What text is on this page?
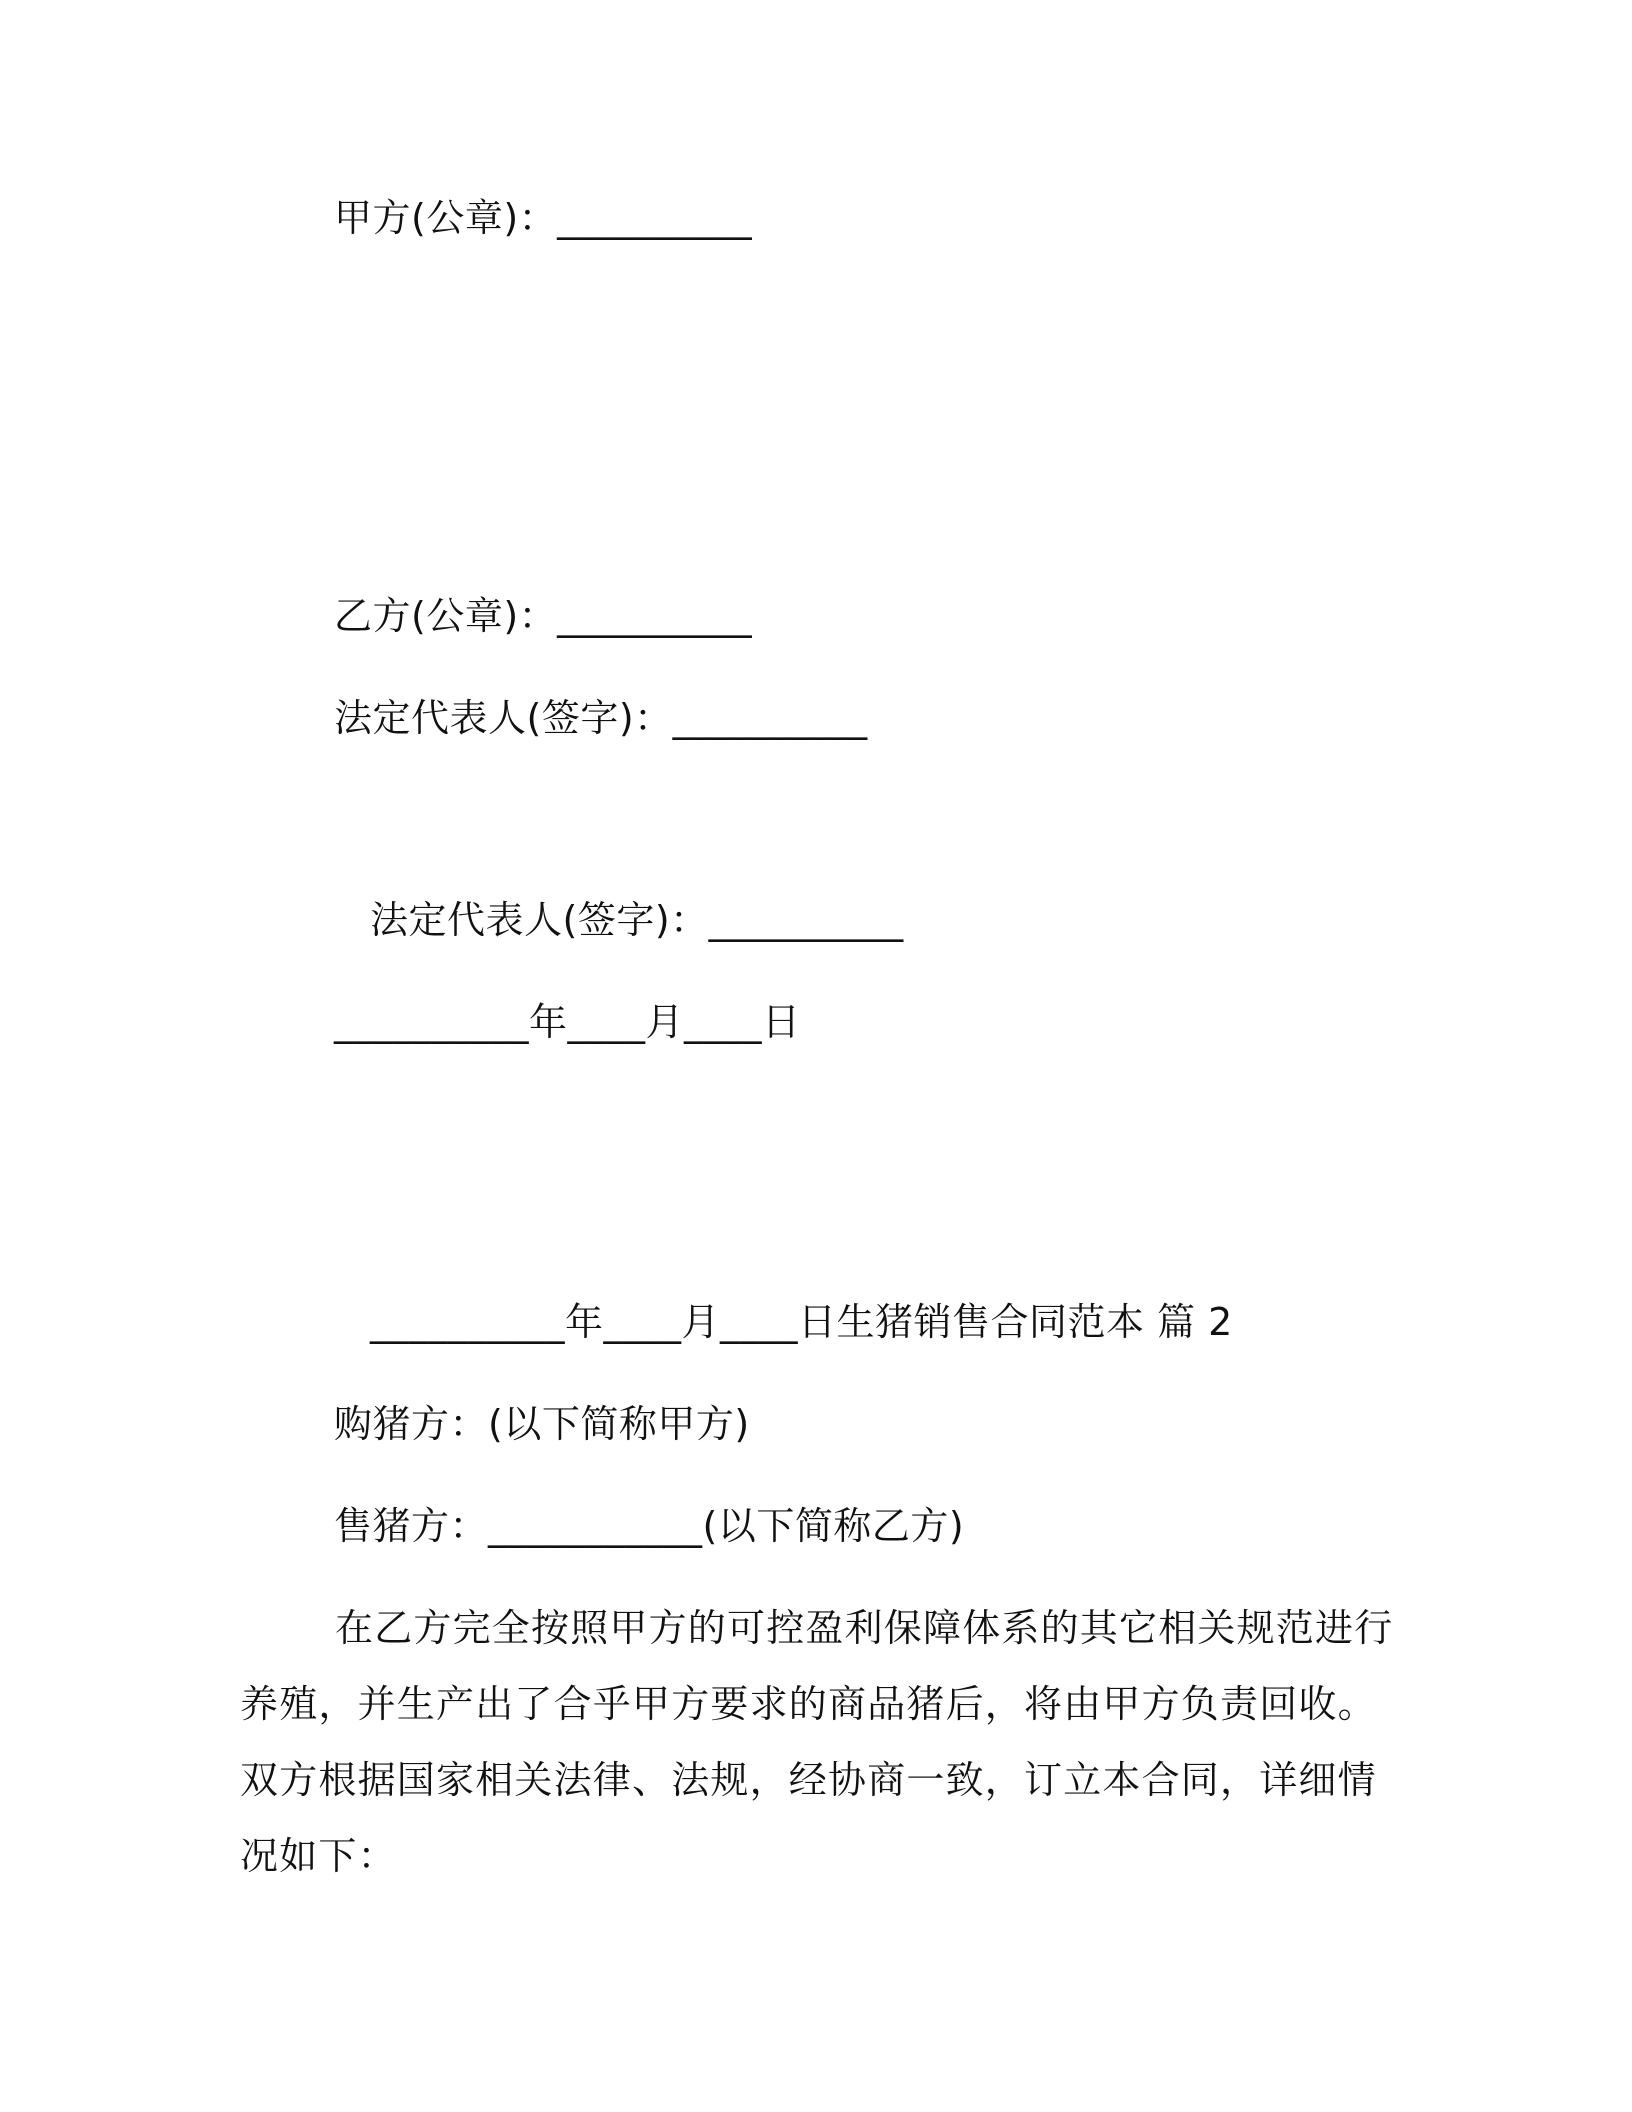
甲方(公章)：__________
乙方(公章)：__________
法定代表人(签字)：__________
法定代表人(签字)：__________
__________年____月____日
__________年____月____日生猪销售合同范本 篇 2
购猪方：(以下简称甲方)
售猪方：___________(以下简称乙方)
在乙方完全按照甲方的可控盈利保障体系的其它相关规范进行养殖，并生产出了合乎甲方要求的商品猪后，将由甲方负责回收。双方根据国家相关法律、法规，经协商一致，订立本合同，详细情况如下：
